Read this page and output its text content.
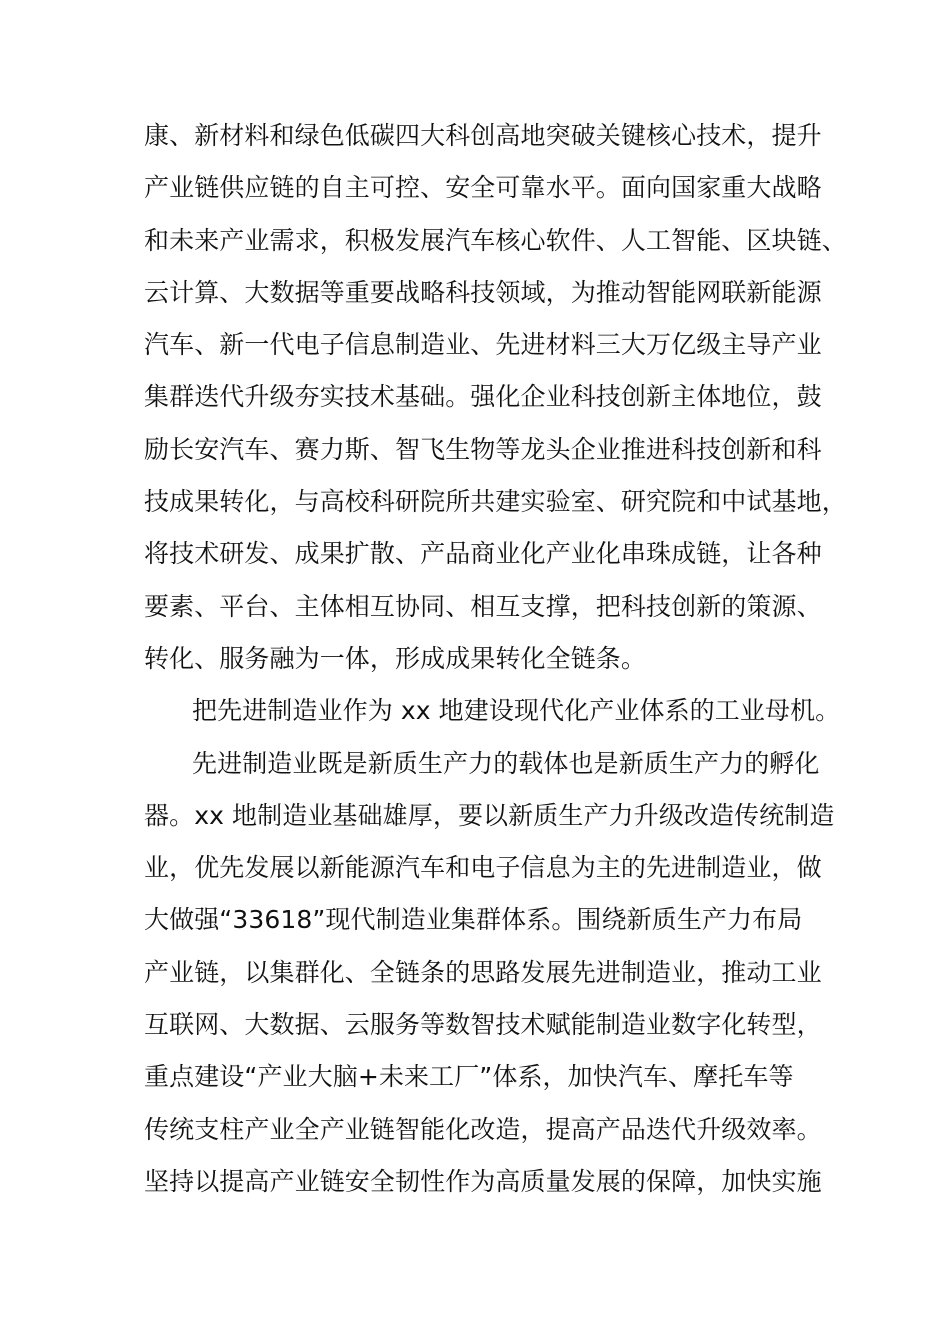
康、新材料和绿色低碳四大科创高地突破关键核心技术，提升
产业链供应链的自主可控、安全可靠水平。面向国家重大战略
和未来产业需求，积极发展汽车核心软件、人工智能、区块链、
云计算、大数据等重要战略科技领域，为推动智能网联新能源
汽车、新一代电子信息制造业、先进材料三大万亿级主导产业
集群迭代升级夯实技术基础。强化企业科技创新主体地位，鼓
励长安汽车、赛力斯、智飞生物等龙头企业推进科技创新和科
技成果转化，与高校科研院所共建实验室、研究院和中试基地，
将技术研发、成果扩散、产品商业化产业化串珠成链，让各种
要素、平台、主体相互协同、相互支撑，把科技创新的策源、
转化、服务融为一体，形成成果转化全链条。
把先进制造业作为 xx 地建设现代化产业体系的工业母机。
先进制造业既是新质生产力的载体也是新质生产力的孵化
器。xx 地制造业基础雄厚，要以新质生产力升级改造传统制造
业，优先发展以新能源汽车和电子信息为主的先进制造业，做
大做强“33618”现代制造业集群体系。围绕新质生产力布局
产业链，以集群化、全链条的思路发展先进制造业，推动工业
互联网、大数据、云服务等数智技术赋能制造业数字化转型，
重点建设“产业大脑+未来工厂”体系，加快汽车、摩托车等
传统支柱产业全产业链智能化改造，提高产品迭代升级效率。
坚持以提高产业链安全韧性作为高质量发展的保障，加快实施
